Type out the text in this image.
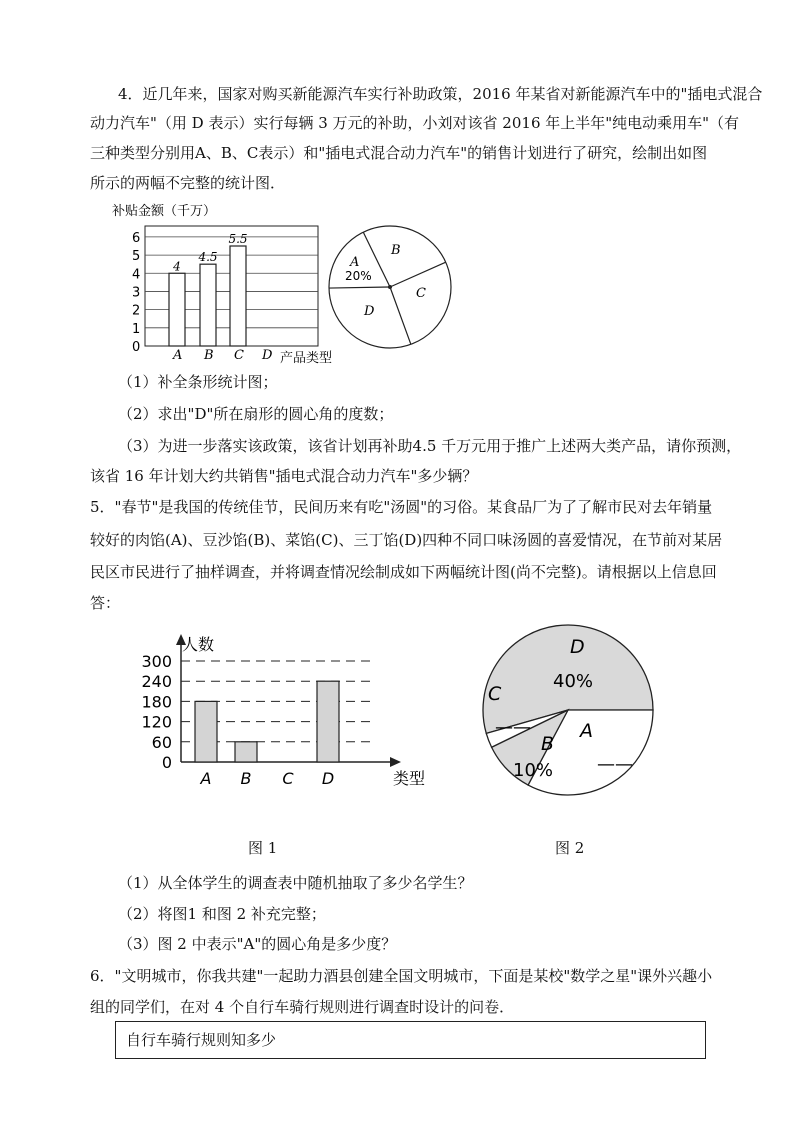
4．近几年来，国家对购买新能源汽车实行补助政策，2016 年某省对新能源汽车中的"插电式混合
动力汽车"（用 D 表示）实行每辆 3 万元的补助，小刘对该省 2016 年上半年"纯电动乘用车"（有
三种类型分别用A、B、C表示）和"插电式混合动力汽车"的销售计划进行了研究，绘制出如图
所示的两幅不完整的统计图．
补贴金额（千万）
0
1
2
3
4
5
6
4
A
4.5
B
5.5
C D 产品类型
A
20%
B
C
D
（1）补全条形统计图；
（2）求出"D"所在扇形的圆心角的度数；
（3）为进一步落实该政策，该省计划再补助4.5 千万元用于推广上述两大类产品，请你预测，
该省 16 年计划大约共销售"插电式混合动力汽车"多少辆？
5．"春节"是我国的传统佳节，民间历来有吃"汤圆"的习俗。某食品厂为了了解市民对去年销量
较好的肉馅(A)、豆沙馅(B)、菜馅(C)、三丁馅(D)四种不同口味汤圆的喜爱情况，在节前对某居
民区市民进行了抽样调查，并将调查情况绘制成如下两幅统计图(尚不完整)。请根据以上信息回
答：
人数
类型
0
60
120
180
240
300
A B C D
D
40%
A
——
B
10%
C
——
图 1	图 2
（1）从全体学生的调查表中随机抽取了多少名学生？
（2）将图1 和图 2 补充完整；
（3）图 2 中表示"A"的圆心角是多少度？
6．"文明城市，你我共建"一起助力酒县创建全国文明城市，下面是某校"数学之星"课外兴趣小
组的同学们，在对 4 个自行车骑行规则进行调查时设计的问卷．
自行车骑行规则知多少
